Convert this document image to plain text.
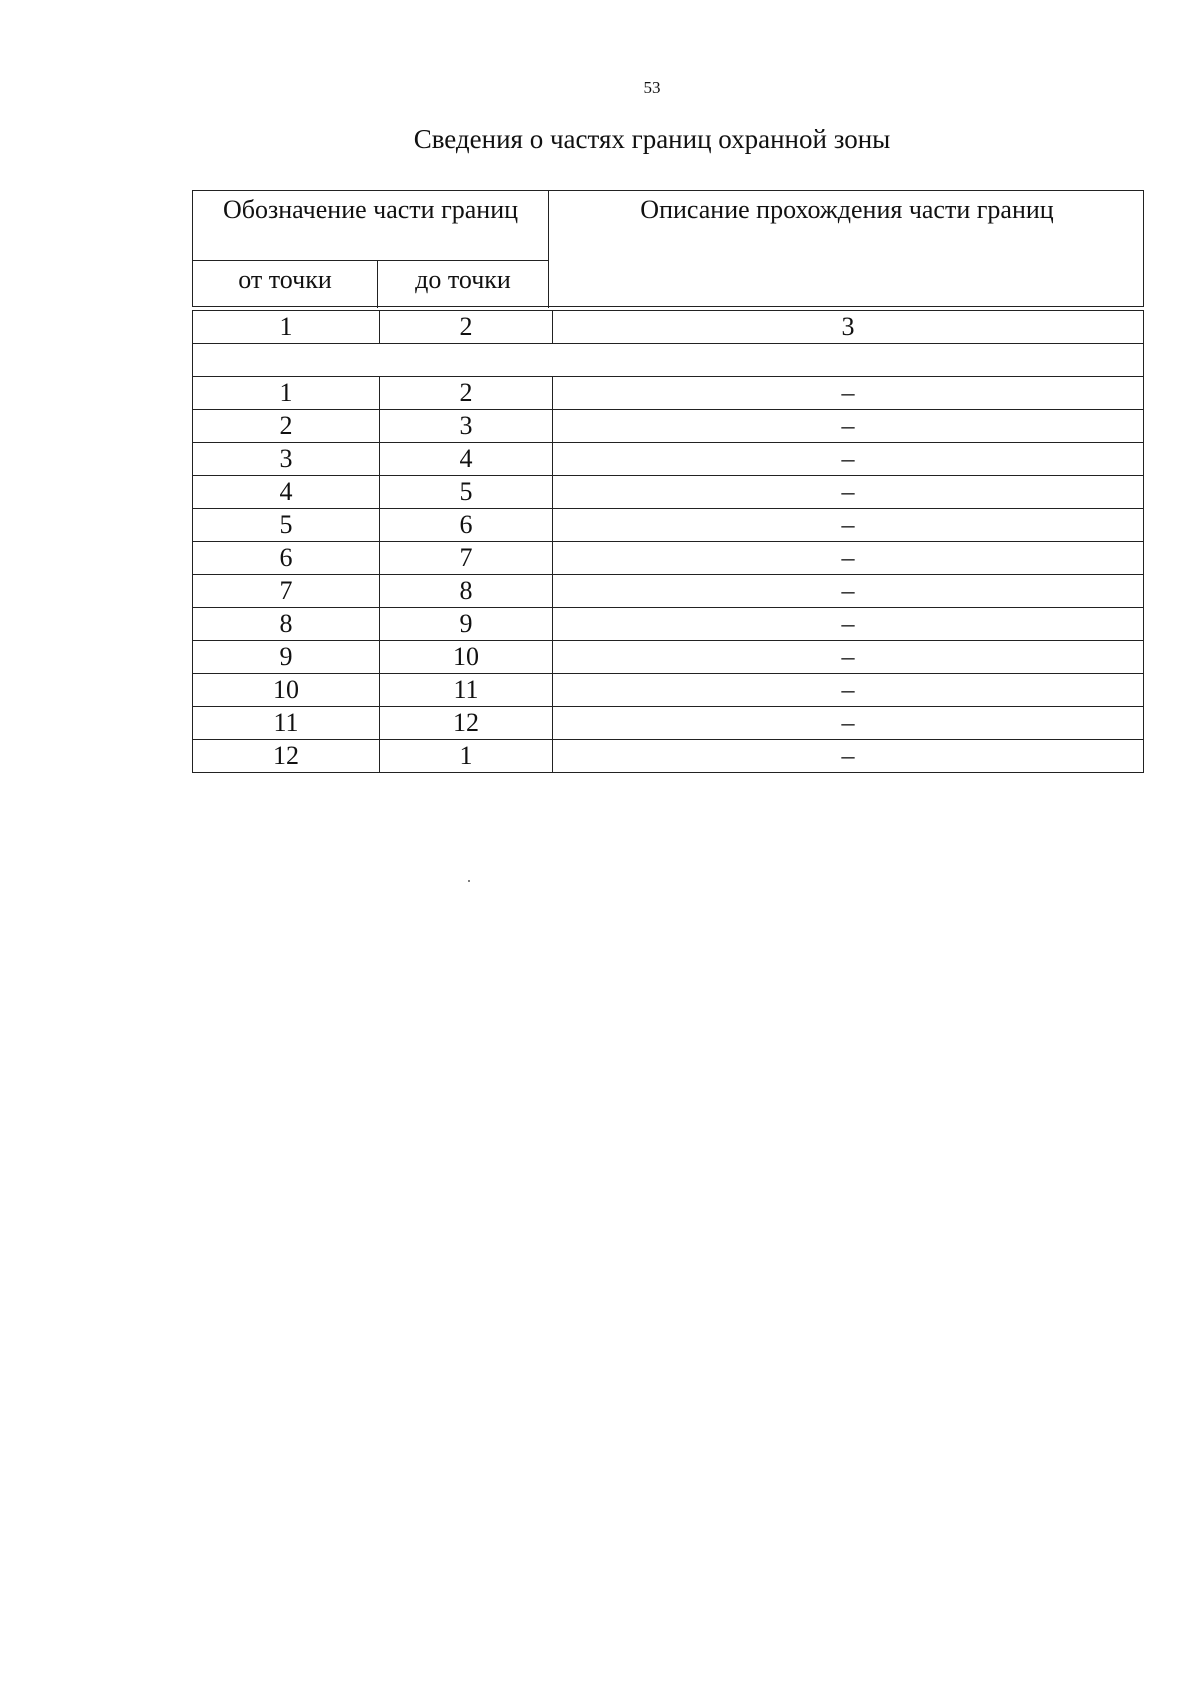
53
Сведения о частях границ охранной зоны
Обозначение части границ
от точки	до точки
Описание прохождения части границ
1	2	3

1	2	–
2	3	–
3	4	–
4	5	–
5	6	–
6	7	–
7	8	–
8	9	–
9	10	–
10	11	–
11	12	–
12	1	–
